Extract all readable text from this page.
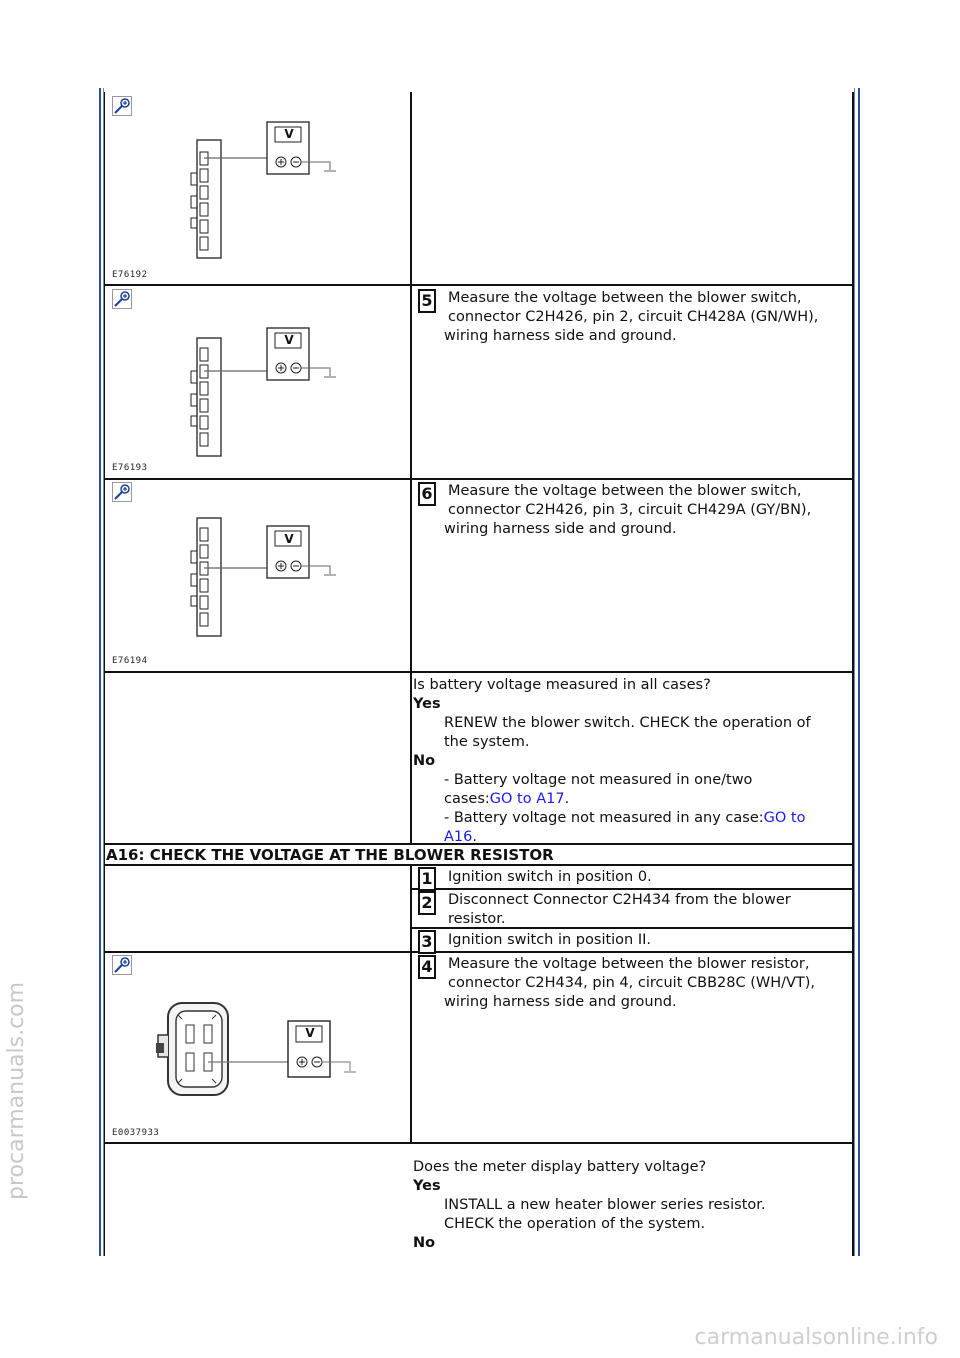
procarmanuals.com
carmanualsonline.info
V
E76192
V
E76193
V
E76194
5 Measure the voltage between the blower switch,
connector C2H426, pin 2, circuit CH428A (GN/WH),
wiring harness side and ground.
6 Measure the voltage between the blower switch,
connector C2H426, pin 3, circuit CH429A (GY/BN),
wiring harness side and ground.
Is battery voltage measured in all cases?
Yes
RENEW the blower switch. CHECK the operation of
the system.
No
- Battery voltage not measured in one/two
cases:GO to A17.
- Battery voltage not measured in any case:GO to
A16.
A16: CHECK THE VOLTAGE AT THE BLOWER RESISTOR
1 Ignition switch in position 0.
2 Disconnect Connector C2H434 from the blower
resistor.
3 Ignition switch in position II.
4 Measure the voltage between the blower resistor,
connector C2H434, pin 4, circuit CBB28C (WH/VT),
wiring harness side and ground.
V
E0037933
Does the meter display battery voltage?
Yes
INSTALL a new heater blower series resistor.
CHECK the operation of the system.
No
